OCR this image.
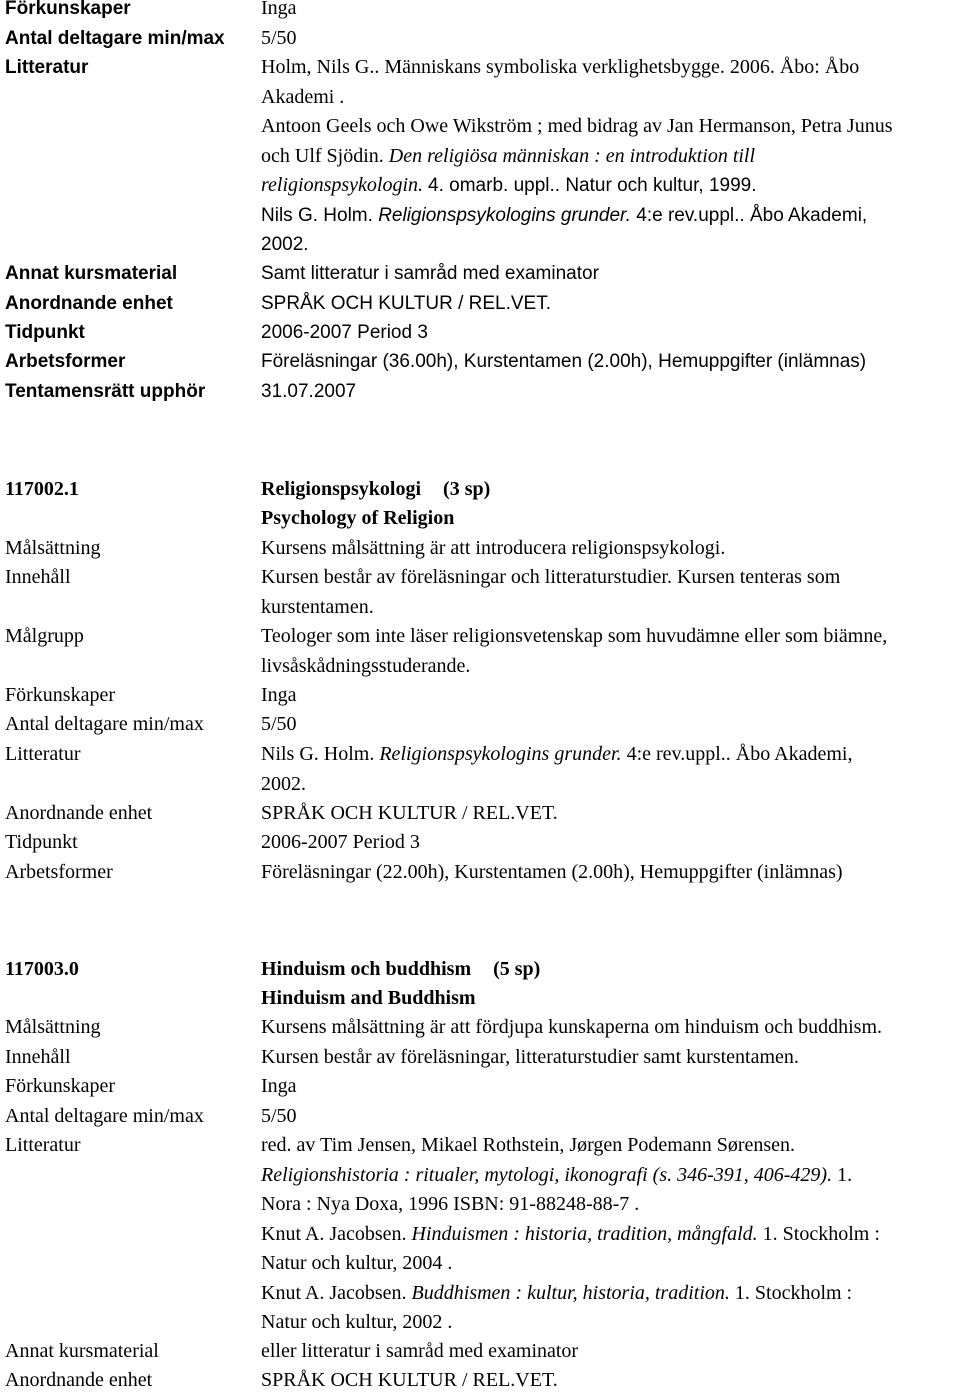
Förkunskaper	Inga
Antal deltagare min/max 5/50
Litteratur	Holm, Nils G.. Människans symboliska verklighetsbygge. 2006. Åbo: Åbo
Akademi .
Antoon Geels och Owe Wikström ; med bidrag av Jan Hermanson, Petra Junus
och Ulf Sjödin. Den religiösa människan : en introduktion till
religionspsykologin. 4. omarb. uppl.. Natur och kultur, 1999.
Nils G. Holm. Religionspsykologins grunder. 4:e rev.uppl.. Åbo Akademi,
2002.
Annat kursmaterial	Samt litteratur i samråd med examinator
Anordnande enhet	SPRÅK OCH KULTUR / REL.VET.
Tidpunkt	2006-2007 Period 3
Arbetsformer	Föreläsningar (36.00h), Kurstentamen (2.00h), Hemuppgifter (inlämnas)
Tentamensrätt upphör	31.07.2007
117002.1	Religionspsykologi (3 sp)
Psychology of Religion
Målsättning	Kursens målsättning är att introducera religionspsykologi.
Innehåll	Kursen består av föreläsningar och litteraturstudier. Kursen tenteras som
kurstentamen.
Målgrupp	Teologer som inte läser religionsvetenskap som huvudämne eller som biämne,
livsåskådningsstuderande.
Förkunskaper	Inga
Antal deltagare min/max	5/50
Litteratur	Nils G. Holm. Religionspsykologins grunder. 4:e rev.uppl.. Åbo Akademi,
2002.
Anordnande enhet	SPRÅK OCH KULTUR / REL.VET.
Tidpunkt	2006-2007 Period 3
Arbetsformer	Föreläsningar (22.00h), Kurstentamen (2.00h), Hemuppgifter (inlämnas)
117003.0	Hinduism och buddhism (5 sp)
Hinduism and Buddhism
Målsättning	Kursens målsättning är att fördjupa kunskaperna om hinduism och buddhism.
Innehåll	Kursen består av föreläsningar, litteraturstudier samt kurstentamen.
Förkunskaper	Inga
Antal deltagare min/max	5/50
Litteratur	red. av Tim Jensen, Mikael Rothstein, Jørgen Podemann Sørensen.
Religionshistoria : ritualer, mytologi, ikonografi (s. 346-391, 406-429). 1.
Nora : Nya Doxa, 1996 ISBN: 91-88248-88-7 .
Knut A. Jacobsen. Hinduismen : historia, tradition, mångfald. 1. Stockholm :
Natur och kultur, 2004 .
Knut A. Jacobsen. Buddhismen : kultur, historia, tradition. 1. Stockholm :
Natur och kultur, 2002 .
Annat kursmaterial	eller litteratur i samråd med examinator
Anordnande enhet	SPRÅK OCH KULTUR / REL.VET.
